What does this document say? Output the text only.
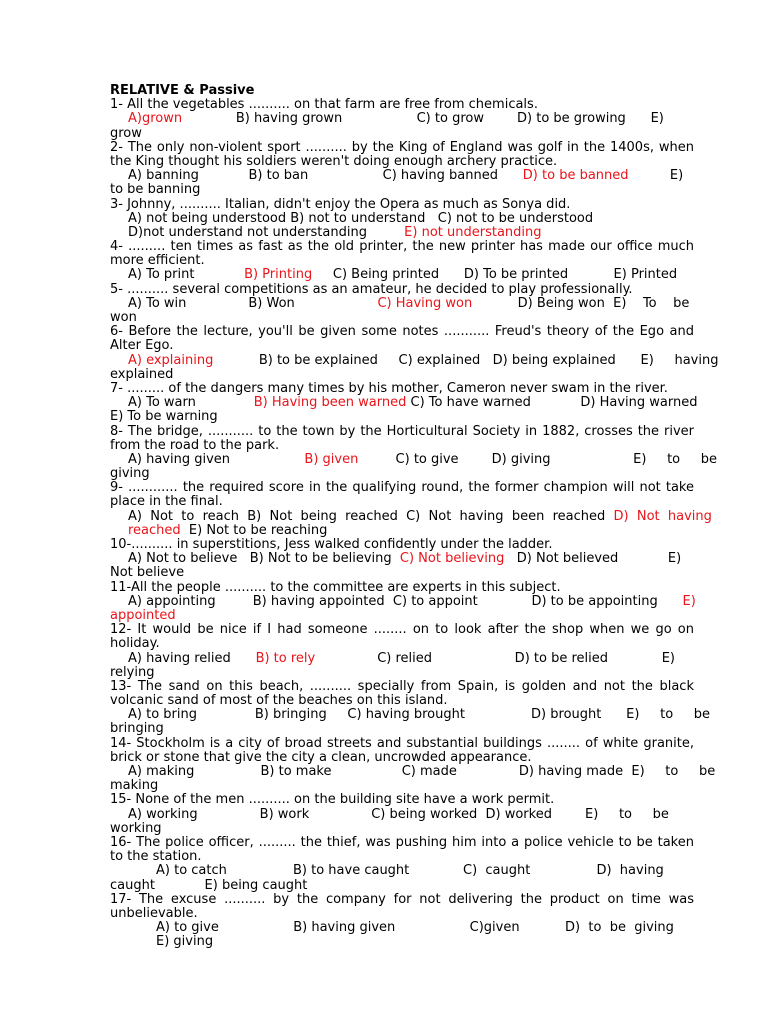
RELATIVE & Passive
1- All the vegetables .......... on that farm are free from chemicals.
A)grown             B) having grown                  C) to grow        D) to be growing      E)
grow
2- The only non-violent sport .......... by the King of England was golf in the 1400s, when
the King thought his soldiers weren't doing enough archery practice.
A) banning            B) to ban                  C) having banned      D) to be banned          E)
to be banning
3- Johnny, .......... Italian, didn't enjoy the Opera as much as Sonya did.
A) not being understood B) not to understand   C) not to be understood
D)not understand not understanding         E) not understanding
4- ......... ten times as fast as the old printer, the new printer has made our office much
more efficient.
A) To print            B) Printing     C) Being printed      D) To be printed           E) Printed
5- .......... several competitions as an amateur, he decided to play professionally.
A) To win               B) Won                    C) Having won           D) Being won  E)    To    be
won
6- Before the lecture, you'll be given some notes ........... Freud's theory of the Ego and
Alter Ego.
A) explaining           B) to be explained     C) explained   D) being explained      E)     having
explained
7- ......... of the dangers many times by his mother, Cameron never swam in the river.
A) To warn              B) Having been warned C) To have warned            D) Having warned
E) To be warning
8- The bridge, ........... to the town by the Horticultural Society in 1882, crosses the river
from the road to the park.
A) having given                  B) given         C) to give        D) giving                    E)     to     be
giving
9- ............ the required score in the qualifying round, the former champion will not take
place in the final.
A)  Not  to  reach  B)  Not  being  reached  C)  Not  having  been  reached  D)  Not  having
reached  E) Not to be reaching
10-.......... in superstitions, Jess walked confidently under the ladder.
A) Not to believe   B) Not to be believing  C) Not believing   D) Not believed            E)
Not believe
11-All the people .......... to the committee are experts in this subject.
A) appointing         B) having appointed  C) to appoint             D) to be appointing      E)
appointed
12- It would be nice if I had someone ........ on to look after the shop when we go on
holiday.
A) having relied      B) to rely               C) relied                    D) to be relied             E)
relying
13- The sand on this beach, .......... specially from Spain, is golden and not the black
volcanic sand of most of the beaches on this island.
A) to bring              B) bringing     C) having brought                D) brought      E)     to     be
bringing
14- Stockholm is a city of broad streets and substantial buildings ........ of white granite,
brick or stone that give the city a clean, uncrowded appearance.
A) making                B) to make                 C) made               D) having made  E)     to     be
making
15- None of the men .......... on the building site have a work permit.
A) working               B) work               C) being worked  D) worked        E)     to     be
working
16- The police officer, ......... the thief, was pushing him into a police vehicle to be taken
to the station.
A) to catch                B) to have caught             C)  caught                D)  having
caught            E) being caught
17- The excuse .......... by the company for not delivering the product on time was
unbelievable.
A) to give                  B) having given                  C)given           D)  to  be  giving
E) giving
